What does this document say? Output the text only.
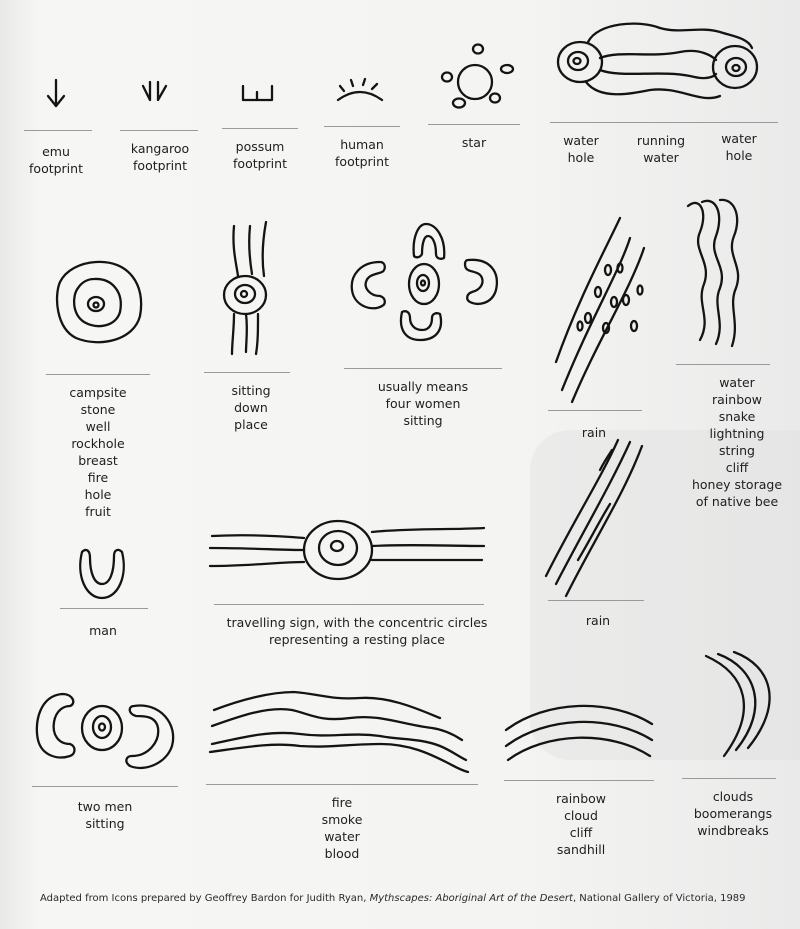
emu
footprint
kangaroo
footprint
possum
footprint
human
footprint
star	water
hole
running
water
water
hole
campsite
stone
well
rockhole
breast
fire
hole
fruit
sitting
down
place
usually means
four women
sitting
rain
water
rainbow
snake
lightning
string
cliff
honey storage
of native bee
man
travelling sign, with the concentric circles
representing a resting place
rain
two men
sitting
fire
smoke
water
blood
rainbow
cloud
cliff
sandhill
clouds
boomerangs
windbreaks
Adapted from Icons prepared by Geoffrey Bardon for Judith Ryan, Mythscapes: Aboriginal Art of the Desert, National Gallery of Victoria, 1989
